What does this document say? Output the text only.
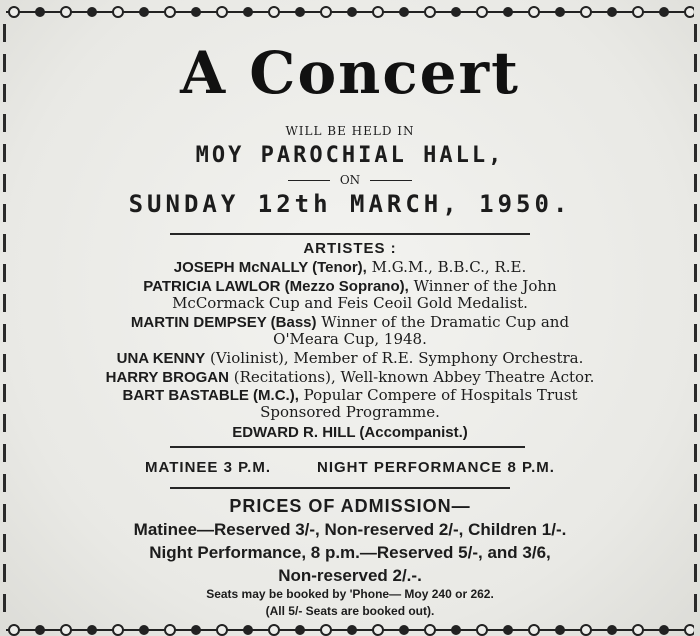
A Concert
WILL BE HELD IN
MOY PAROCHIAL HALL,
ON
SUNDAY 12th MARCH, 1950.
ARTISTES :
JOSEPH McNALLY (Tenor), M.G.M., B.B.C., R.E.
PATRICIA LAWLOR (Mezzo Soprano), Winner of the John
McCormack Cup and Feis Ceoil Gold Medalist.
MARTIN DEMPSEY (Bass) Winner of the Dramatic Cup and
O'Meara Cup, 1948.
UNA KENNY (Violinist), Member of R.E. Symphony Orchestra.
HARRY BROGAN (Recitations), Well-known Abbey Theatre Actor.
BART BASTABLE (M.C.), Popular Compere of Hospitals Trust
Sponsored Programme.
EDWARD R. HILL (Accompanist.)
MATINEE 3 P.M.	NIGHT PERFORMANCE 8 P.M.
PRICES OF ADMISSION—
Matinee—Reserved 3/-, Non-reserved 2/-, Children 1/-.
Night Performance, 8 p.m.—Reserved 5/-, and 3/6,
Non-reserved 2/.-.
Seats may be booked by 'Phone— Moy 240 or 262.
(All 5/- Seats are booked out).
